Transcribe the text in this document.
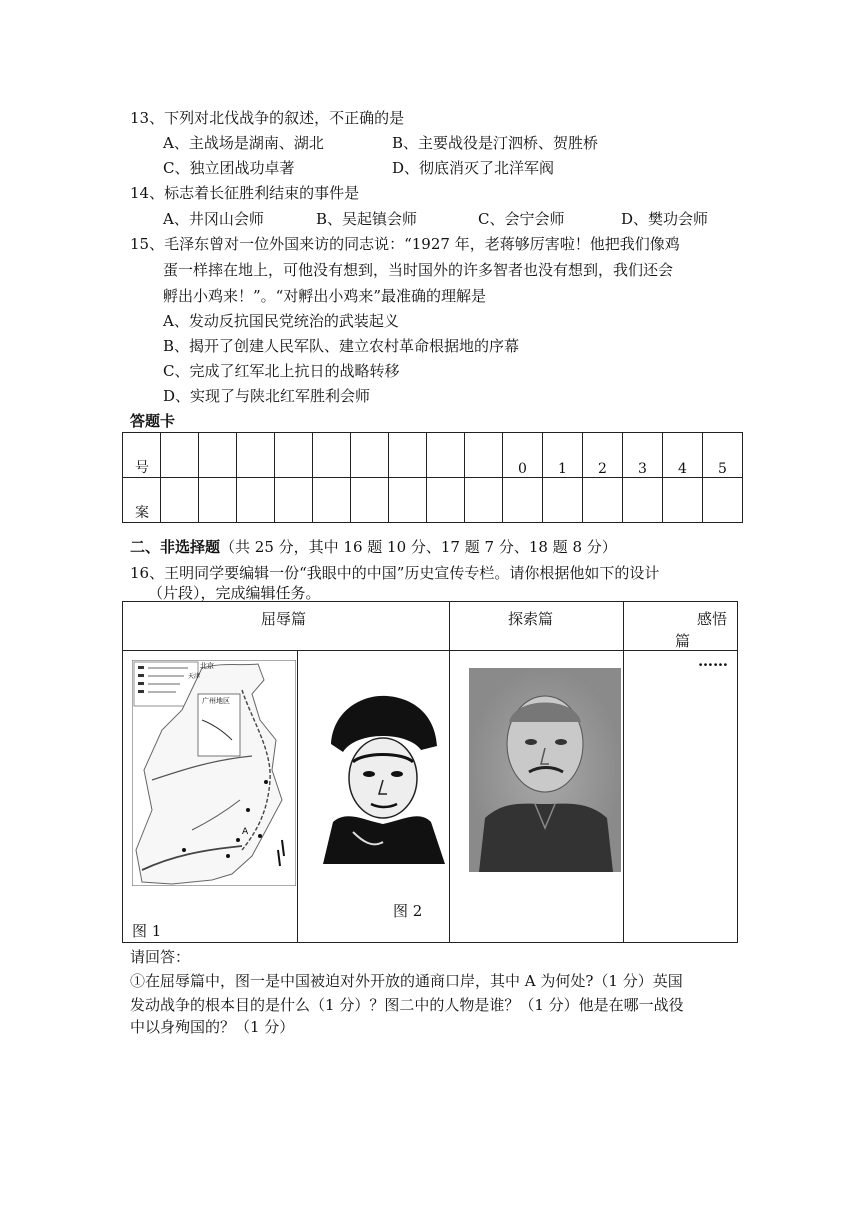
13、下列对北伐战争的叙述，不正确的是
A、主战场是湖南、湖北	B、主要战役是汀泗桥、贺胜桥
C、独立团战功卓著	D、彻底消灭了北洋军阀
14、标志着长征胜利结束的事件是
A、井冈山会师	B、吴起镇会师	C、会宁会师	D、樊功会师
15、毛泽东曾对一位外国来访的同志说：“1927 年，老蒋够厉害啦！他把我们像鸡
蛋一样摔在地上，可他没有想到，当时国外的许多智者也没有想到，我们还会
孵出小鸡来！”。“对孵出小鸡来”最准确的理解是
A、发动反抗国民党统治的武装起义
B、揭开了创建人民军队、建立农村革命根据地的序幕
C、完成了红军北上抗日的战略转移
D、实现了与陕北红军胜利会师
答题卡
号										0	1	2	3	4	5
案															
二、非选择题（共 25 分，其中 16 题 10 分、17 题 7 分、18 题 8 分）
16、王明同学要编辑一份“我眼中的中国”历史宣传专栏。请你根据他如下的设计
（片段），完成编辑任务。
屈辱篇	探索篇	感悟
篇
……
广州地区
北京
天津
A
图 1
图 2
请回答：
①在屈辱篇中，图一是中国被迫对外开放的通商口岸，其中 A 为何处?（1 分）英国
发动战争的根本目的是什么（1 分）？图二中的人物是谁？（1 分）他是在哪一战役
中以身殉国的？（1 分）
